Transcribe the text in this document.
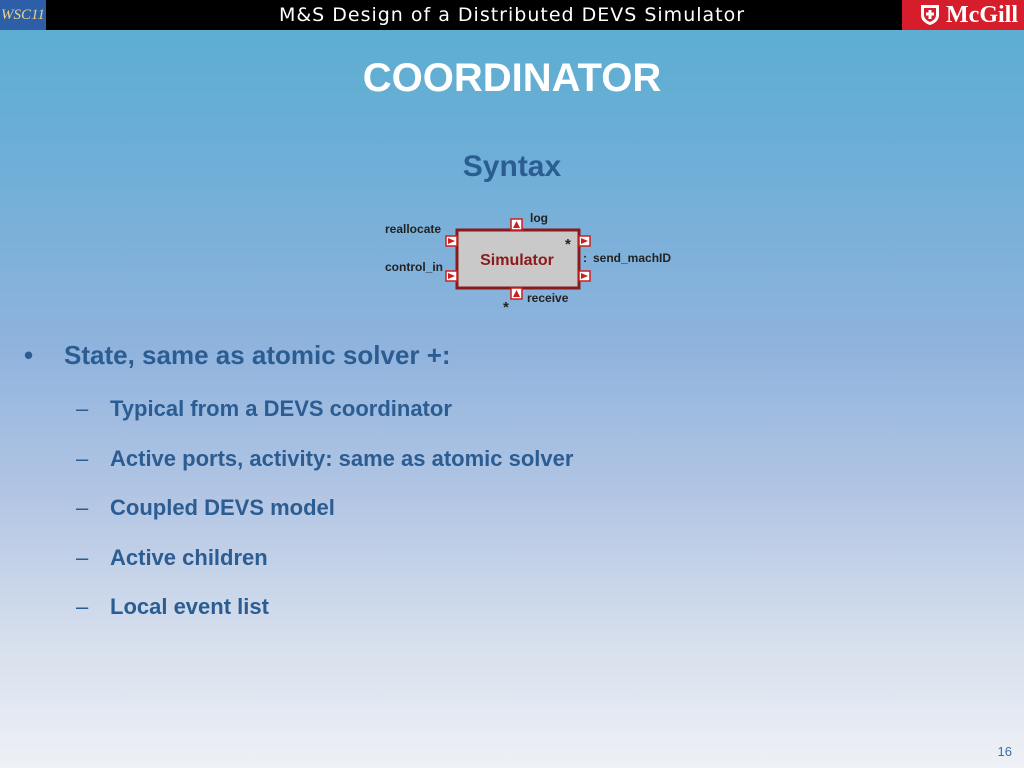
WSC11	M&S Design of a Distributed DEVS Simulator	McGill
COORDINATOR
Syntax
Simulator
reallocate
control_in
log
: send_machID
*
receive
*
•	State, same as atomic solver +:
– Typical from a DEVS coordinator
– Active ports, activity: same as atomic solver
– Coupled DEVS model
– Active children
– Local event list
16
